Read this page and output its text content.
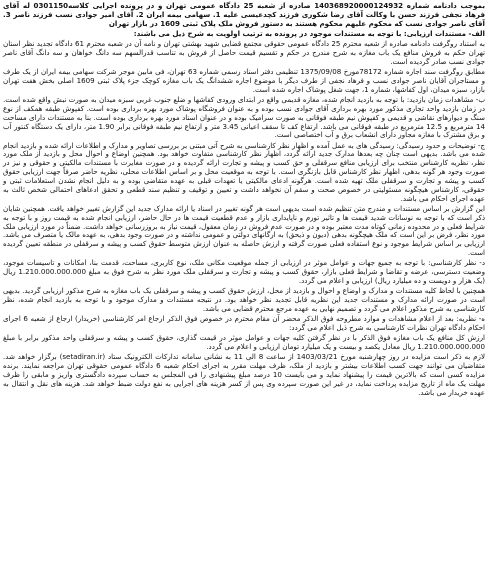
بموجب دادنامه شماره 140368920000124932 صادره از شعبه 25 دادگاه عمومی تهران و در پرونده اجرایی کلاسه0301150 له آقای فرهاد نجفی فرزند حسن با وکالت آقای رضا شکوری فرزند کچدعیسی علیه 1. سهامی بیمه ایران 2. آقای امیر جوادی نسب فرزند ناصر 3. آقای ناصر جوادی نسب که محکوم علیهم محکوم هستند به دستور فروش ملک پلاک ثبتی 1609 در بازار تهران

الف- مستندات ارزیابی: با توجه به مستندات موجود در پرونده به ترتیب اولویت به شرح ذیل می باشند:

به استناد روگرفت دادنامه صادره از شعبه محترم 25 دادگاه عمومی حقوقی مجتمع قضایی شهید بهشتی تهران و نامه آن در شعبه محترم 61 دادگاه تجدید نظر استان تهران حکم به فروش منافع یک باب مغازه به شرح مندرج در حکم و تقسیم قیمت حاصل از فروش به تناسب قدرالسهم سه دانگ خواهان و سه دانگ آقای ناصر جوادی نسب صادر گردیده است.

مطابق روگرفت سند اجاره شماره 78172مورخ 1375/09/08 تنظیمی دفتر اسناد رسمی شماره 63 تهران، فی مابین موجر شرکت سهامی بیمه ایران از یک طرف و مستاجران آقایان ناصر جوادی نسب و فرهاد نجفی از طرف دیگر با موضوع اجاره ششدانگ یک باب مغازه کوچک جزء پلاک ثبتی 1609 اصلی بخش هفت تهران بازار، سبزه میدان، اول کفاشها، شماره 1، جهت شغل پوشاک اجاره شده است.

ب- مشاهدات زمان بازدید: با توجه به بازدید انجام شده، مغازه قدیمی واقع در ابتدای ورودی کفاشها و ضلع جنوب غربی سبزه میدان به صورت نبش واقع شده است. در زمان بازدید واحد تجاری مذکور مورد بهره برداری آقای جوادی نسب بوده و به عنوان فروشگاه پوشاک مورد بهره برداری بوده است. کفپوش طبقه همکف از نوع سنگ و دیوارهای نقاشی و قدیمی و کفپوش نیم طبقه فوقانی به صورت سرامیک بوده و در عنوان اسناد مورد بهره برداری بوده است. بنا به مستندات دارای مساحت 14 مترمربع و 12.5 مترمربع در طبقه فوقانی می باشد. ارتفاع کف تا سقف اعیانی 3.45 متر و ارتفاع نیم طبقه فوقانی برابر 1.90 متر، دارای یک دستگاه کنتور آب و برق مشترک با مغازه مجاور دارای انشعاب برق و آب اختصاصی است.

ج- توضیحات و حدود رسیدگی: رسیدگی های به عمل آمده و اظهار نظر کارشناسی به شرح آتی مبتنی بر بررسی تصاویر و مدارک و اطلاعات ارائه شده و بازدید انجام شده می باشد. بدیهی است چنان چه بعدها مدارک جدید ارائه گردد، اظهار نظر کارشناسی متفاوت خواهد بود. همچنین اوضاع و احوال محل و بازدید از ملک مورد نظر، نظریه کارشناس منتخب برای ارزیابی منافع سرقفلی و حق کسب و پیشه و تجارت ارائه گردیده و در صورت مغایرت با مستندات مالکیتی و حقوقی و نیز در صورت وجود هر گونه بدهی، اظهار نظر کارشناس قابل بازنگری است. با توجه به موقعیت محل و بر اساس اطلاعات محلی، نظریه حاضر صرفاً جهت ارزیابی حقوق کسب و پیشه و تجارت و سرقفلی ملک تهیه شده است. هرگونه ادعای مالکیتی یا تعهدات قبلی به عهده متقاضی بوده و به دلیل انجام نشدن استعلامات ثبتی و حقوقی، کارشناس هیچگونه مسئولیتی در خصوص صحت و سقم آن نخواهد داشت و تعیین و توقیف و تنظیم سند قطعی و تحقق ادعاهای احتمالی شخص ثالث به عهده اجرای احکام می باشد.

این گزارش بر اساس مستندات و مندرج متن تنظیم شده است بدیهی است هر گونه تغییر در اسناد یا ارائه مدارک جدید این گزارش تغییر خواهد یافت. همچنین شایان ذکر است که با توجه به نوسانات شدید قیمت ها و تاثیر تورم و ناپایداری بازار و عدم قطعیت قیمت ها در حال حاضر، ارزیابی انجام شده به قیمت روز و با توجه به شرایط فعلی و در محدوده زمانی کوتاه مدت معتبر بوده و در صورت عدم فروش در زمان معقول، قیمت نیاز به بروزرسانی خواهد داشت. ضمناً در مورد ارزیابی ملک مورد نظر، فرض بر این است که ملک هیچگونه بدهی (دیون و ذیحق) به ارگانهای دولتی و عمومی نداشته و در صورت وجود بدهی، به عهده مالک یا متصرف می باشد. ارزیابی بر اساس شرایط موجود و نوع استفاده فعلی صورت گرفته و ارزش حاصله به عنوان ارزش متوسط حقوق کسب و پیشه و سرقفلی در منطقه تعیین گردیده است.

د- نظر کارشناسی: با توجه به جمیع جهات و عوامل موثر در ارزیابی از جمله موقعیت مکانی ملک، نوع کاربری، مساحت، قدمت بنا، امکانات و تاسیسات موجود، وضعیت دسترسی، عرضه و تقاضا و شرایط فعلی بازار، حقوق کسب و پیشه و تجارت و سرقفلی ملک مورد نظر به شرح فوق به مبلغ 1.210.000.000.000 ریال (یک هزار و دویست و ده میلیارد ریال) ارزیابی و اعلام می گردد.

همچنین با لحاظ کلیه مستندات و مدارک و اوضاع و احوال و بازدید از محل، ارزش حقوق کسب و پیشه و سرقفلی یک باب مغازه به شرح مذکور ارزیابی گردید. بدیهی است در صورت ارائه مدارک و مستندات جدید این نظریه قابل تجدید نظر خواهد بود. در نتیجه مستندات و مدارک موجود و با توجه به بازدید انجام شده، نظر کارشناسی به شرح مذکور اعلام می گردد و تصمیم نهایی به عهده مرجع محترم قضایی می باشد.

ه- نظریه: بعد از اعلام مشاهدات و موارد مطروحه فوق الذکر محضر آن مقام محترم در خصوص فوق الذکر ارجاع امر کارشناسی (خریدار) ارجاع از شعبه 6 اجرای احکام دادگاه تهران نظرات کارشناسی به شرح ذیل اعلام می گردد:

ارزش کل منافع یک باب مغازه فوق الذکر با در نظر گرفتن کلیه جهات و عوامل موثر در قیمت گذاری، حقوق کسب و پیشه و سرقفلی واحد مذکور برابر با مبلغ 1.210.000.000.000 ریال معادل یکصد و بیست و یک میلیارد تومان ارزیابی و اعلام می گردد.

لازم به ذکر است مزایده در روز چهارشنبه مورخ 1403/03/21 از ساعت 8 الی 11 به نشانی سامانه تدارکات الکترونیک ستاد (setadiran.ir) برگزار خواهد شد. متقاضیان می توانند جهت کسب اطلاعات بیشتر و بازدید از ملک، ظرف مهلت مقرر به اجرای احکام شعبه 6 دادگاه عمومی حقوقی تهران مراجعه نمایند. برنده مزایده کسی است که بالاترین قیمت را پیشنهاد نماید و می بایست 10 درصد مبلغ پیشنهادی را فی المجلس به حساب سپرده دادگستری واریز و مابقی را ظرف مهلت یک ماه از تاریخ مزایده پرداخت نماید، در غیر این صورت سپرده وی پس از کسر هزینه های اجرایی به نفع دولت ضبط خواهد شد. هزینه های نقل و انتقال به عهده خریدار می باشد.
